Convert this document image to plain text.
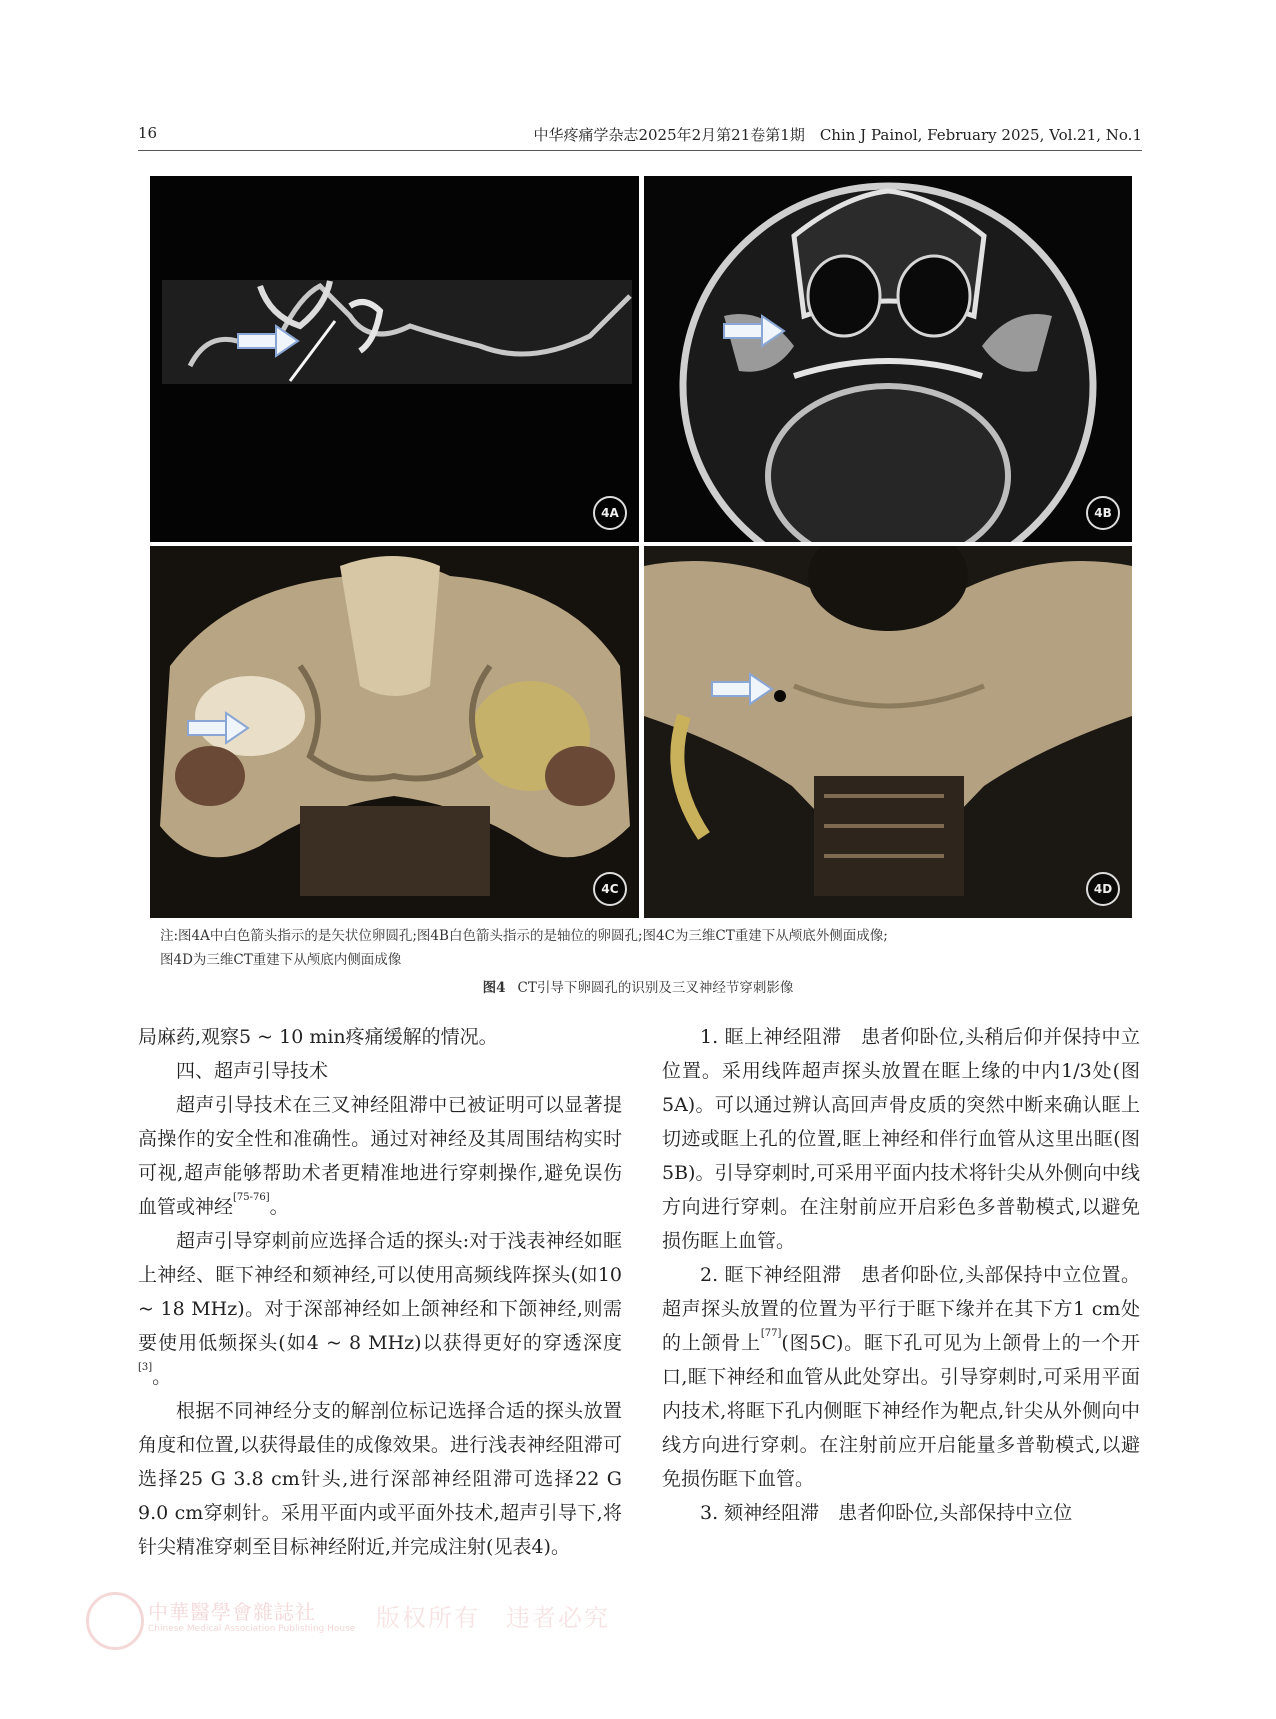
16	中华疼痛学杂志2025年2月第21卷第1期　Chin J Painol, February 2025, Vol.21, No.1
4A	4B
4C	4D
注:图4A中白色箭头指示的是矢状位卵圆孔;图4B白色箭头指示的是轴位的卵圆孔;图4C为三维CT重建下从颅底外侧面成像;
图4D为三维CT重建下从颅底内侧面成像
图4 CT引导下卵圆孔的识别及三叉神经节穿刺影像

局麻药,观察5 ~ 10 min疼痛缓解的情况。

四、超声引导技术

超声引导技术在三叉神经阻滞中已被证明可以显著提高操作的安全性和准确性。通过对神经及其周围结构实时可视,超声能够帮助术者更精准地进行穿刺操作,避免误伤血管或神经[75-76]。

超声引导穿刺前应选择合适的探头:对于浅表神经如眶上神经、眶下神经和颏神经,可以使用高频线阵探头(如10 ~ 18 MHz)。对于深部神经如上颌神经和下颌神经,则需要使用低频探头(如4 ~ 8 MHz)以获得更好的穿透深度[3]。

根据不同神经分支的解剖位标记选择合适的探头放置角度和位置,以获得最佳的成像效果。进行浅表神经阻滞可选择25 G 3.8 cm针头,进行深部神经阻滞可选择22 G 9.0 cm穿刺针。采用平面内或平面外技术,超声引导下,将针尖精准穿刺至目标神经附近,并完成注射(见表4)。

1. 眶上神经阻滞　患者仰卧位,头稍后仰并保持中立位置。采用线阵超声探头放置在眶上缘的中内1/3处(图5A)。可以通过辨认高回声骨皮质的突然中断来确认眶上切迹或眶上孔的位置,眶上神经和伴行血管从这里出眶(图5B)。引导穿刺时,可采用平面内技术将针尖从外侧向中线方向进行穿刺。在注射前应开启彩色多普勒模式,以避免损伤眶上血管。

2. 眶下神经阻滞　患者仰卧位,头部保持中立位置。超声探头放置的位置为平行于眶下缘并在其下方1 cm处的上颌骨上[77](图5C)。眶下孔可见为上颌骨上的一个开口,眶下神经和血管从此处穿出。引导穿刺时,可采用平面内技术,将眶下孔内侧眶下神经作为靶点,针尖从外侧向中线方向进行穿刺。在注射前应开启能量多普勒模式,以避免损伤眶下血管。

3. 颏神经阻滞　患者仰卧位,头部保持中立位

中華醫學會雜誌社
Chinese Medical Association Publishing House 版权所有　违者必究
